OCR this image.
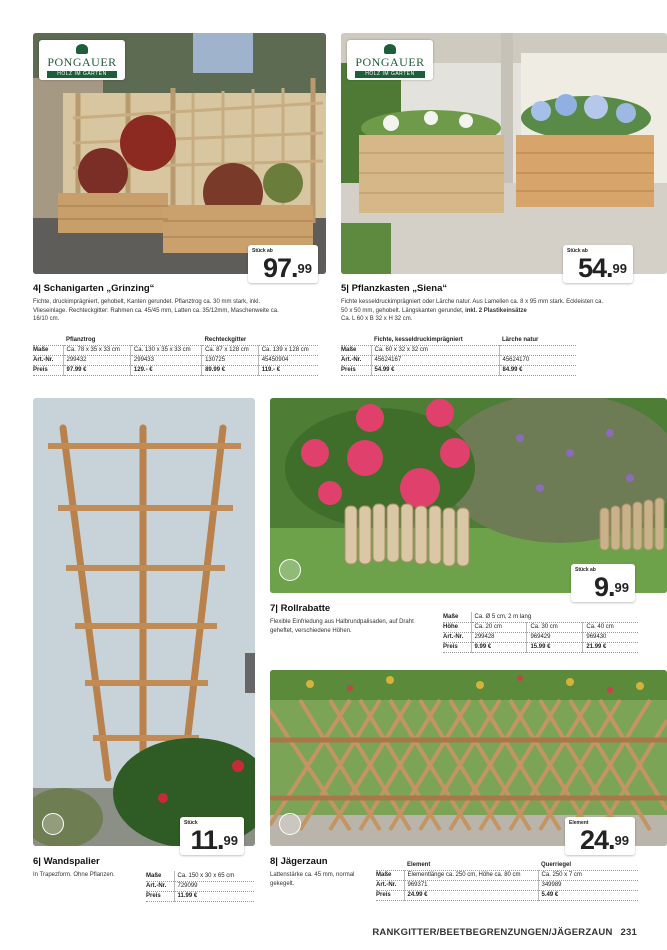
PONGAUER
HOLZ IM GARTEN
Stück ab
97.99
4| Schanigarten „Grinzing“
Fichte, druckimprägniert, gehobelt, Kanten gerundet. Pflanztrog ca. 30 mm stark, inkl. Vlieseinlage. Rechteckgitter: Rahmen ca. 45/45 mm, Latten ca. 35/12mm, Maschenweite ca. 16/10 cm.
	Pflanztrog		Rechteckgitter	
Maße	Ca. 78 x 35 x 33 cm	Ca. 130 x 35 x 33 cm	Ca. 87 x 128 cm	Ca. 139 x 128 cm
Art.-Nr.	299432	299433	130725	45450904
Preis	97.99 €	129.- €	89.99 €	119.- €
PONGAUER
HOLZ IM GARTEN
Stück ab
54.99
5| Pflanzkasten „Siena“
Fichte kesseldruckimprägniert oder Lärche natur. Aus Lamellen ca. 8 x 95 mm stark. Eckleisten ca. 50 x 50 mm, gehobelt. Längskanten gerundet, inkl. 2 Plastikeinsätze
Ca. L 60 x B 32 x H 32 cm.
	Fichte, kesseldruckimprägniert	Lärche natur
Maße	Ca. 60 x 32 x 32 cm	
Art.-Nr.	45624167	45624170
Preis	54.99 €	84.99 €
Stück
11.99
6| Wandspalier
In Trapezform. Ohne Pflanzen.	Maße	Ca. 150 x 30 x 65 cm
Art.-Nr.	729099
Preis	11.99 €
Stück ab
9.99
7| Rollrabatte
Flexible Einfriedung aus Halbrundpalisaden, auf Draht geheftet, verschiedene Höhen.
Maße	Ca. Ø 5 cm, 2 m lang		
Höhe	Ca. 20 cm	Ca. 30 cm	Ca. 40 cm
Art.-Nr.	299428	969429	969430
Preis	9.99 €	15.99 €	21.99 €
Element
24.99
8| Jägerzaun
Lattenstärke ca. 45 mm, normal gekegelt.
	Element	Querriegel
Maße	Elementlänge ca. 250 cm, Höhe ca. 80 cm	Ca. 250 x 7 cm
Art.-Nr.	969371	349989
Preis	24.99 €	5.49 €
RANKGITTER/BEETBEGRENZUNGEN/JÄGERZAUN 231
